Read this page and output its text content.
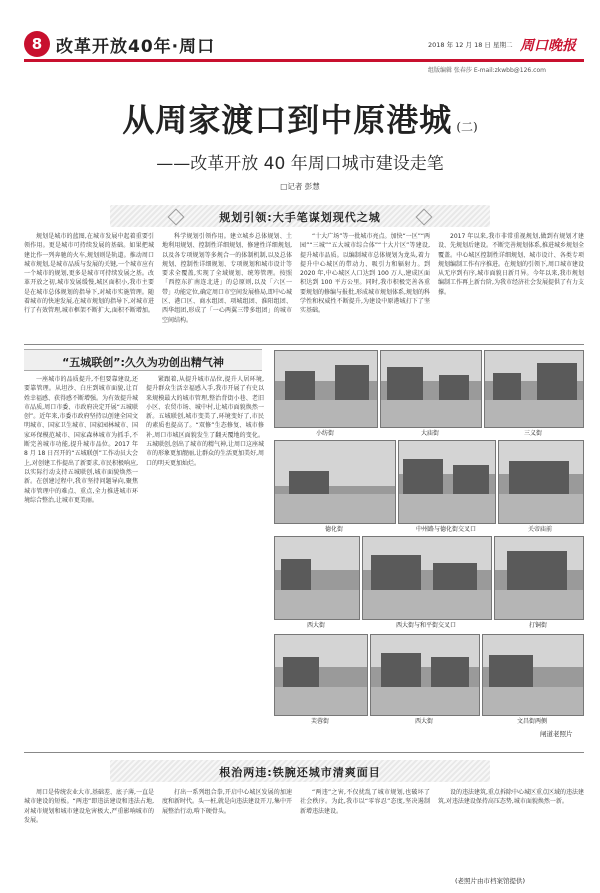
8 改革开放40年·周口	2018 年 12 月 18 日 星期二 周口晚报
组版编辑 张春莎 E-mail:zkwbb@126.com
从周家渡口到中原港城 (二)
——改革开放 40 年周口城市建设走笔
□记者 彭慧
规划引领:大手笔谋划现代之城
规划是城市的蓝图,在城市发展中起着重要引领作用。更是城市可持续发展的基础。如果把城建比作一列奔驰的火车,规划则是轨道。推动周口城市规划,是城市品质与发展的关键,一个城市应有一个城市的规划,更多是城市可持续发展之基。改革开放之初,城市发展缓慢,城区面积小,我市主要是在城市总体规划的指导下,对城市实施管理。随着城市的快速发展,在城市规划的指导下,对城市进行了有效管理,城市框架不断扩大,面积不断增加。
科学规划引领作用。建立城乡总体规划、土地利用规划、控制性详细规划、修建性详细规划,以及各专项规划等多规合一的体制机制,以及总体规划、控制性详细规划、专项规划和城市设计等要求全覆盖,实现了全域规划、统筹管理。按照「西控东扩南连北进」的总原则,以及「六区一带」功能定位,确定周口市空间发展格局,即中心城区、港口区、商水组团、项城组团、淮阳组团、西华组团,形成了「一心两翼三带多组团」的城市空间结构。
“十大广场”等一批城市亮点。加快“一区”“两园”“三城”“五大城市综合体”“十大片区”等建设,提升城市品质。以编制城市总体规划为龙头,着力提升中心城区的带动力、吸引力和辐射力。到 2020 年,中心城区人口达到 100 万人,建成区面积达到 100 平方公里。同时,我市积极完善各重要规划的修编与报批,形成城市规划体系,规划的科学性和权威性不断提升,为建设中原港城打下了坚实基础。
2017 年以来,我市非常重视规划,做到有规划才建设、先规划后建设。不断完善规划体系,推进城乡规划全覆盖。中心城区控制性详细规划、城市设计、各类专项规划编制工作有序推进。在规划的引领下,周口城市建设从无序到有序,城市面貌日新月异。今年以来,我市规划编制工作再上新台阶,为我市经济社会发展提供了有力支撑。
“五城联创”:久久为功创出精气神
一座城市的品质提升,不但要靠建设,还要靠管理。从坦沙、白庄到城市面貌,让百姓幸福感、获得感不断增强。为有效提升城市品质,周口市委、市政府决定开展“五城联创”。近年来,市委市政府坚持以创建全国文明城市、国家卫生城市、国家园林城市、国家环保模范城市、国家森林城市为抓手,不断完善城市功能,提升城市品位。2017 年 8 月 18 日召开的“五城联创”工作动员大会上,对创建工作提出了新要求,市民积极响应,以实际行动支持五城联创,城市面貌焕然一新。在创建过程中,我市坚持问题导向,聚焦城市管理中的难点、重点,全力推进城市环境综合整治,让城市更美丽。
紧跟着,从提升城市品位,提升人居环境,提升群众生活幸福感入手,我市开展了有史以来规模最大的城市管理,整治背街小巷、老旧小区、农贸市场、城中村,让城市面貌焕然一新。五城联创,城市变美了,环境变好了,市民的素质也提高了。“双修”生态修复、城市修补,周口市城区面貌发生了翻天覆地的变化。五城联创,创出了城市的精气神,让周口这座城市的形象更加靓丽,让群众的生活更加美好,周口的明天更加灿烂。
小纺街	大庙街	三义街
德化街	中州路与德化街交叉口	关帝庙前
西大街	西大街与和平街交叉口	打铜街
芙蓉街	西大街	文昌街两侧
闸道老照片
根治两违:铁腕还城市清爽面目
周口是传统农业大市,基础差、底子薄,一直是城市建设的短板。“两违”即违法建设和违法占地,对城市规划和城市建设危害极大,严重影响城市的发展。
打出一系列组合拳,开启中心城区发展的加速度和新时代。头一桩,就是向违法建设开刀,集中开展整治行动,啃下硬骨头。
“两违”之害,不仅扰乱了城市规划,也破坏了社会秩序。为此,我市以“零容忍”态度,坚决遏制新增违法建设。
设的违法建筑,重点拆除中心城区重点区域的违法建筑,对违法建设保持高压态势,城市面貌焕然一新。
(老照片由市档案馆提供)
